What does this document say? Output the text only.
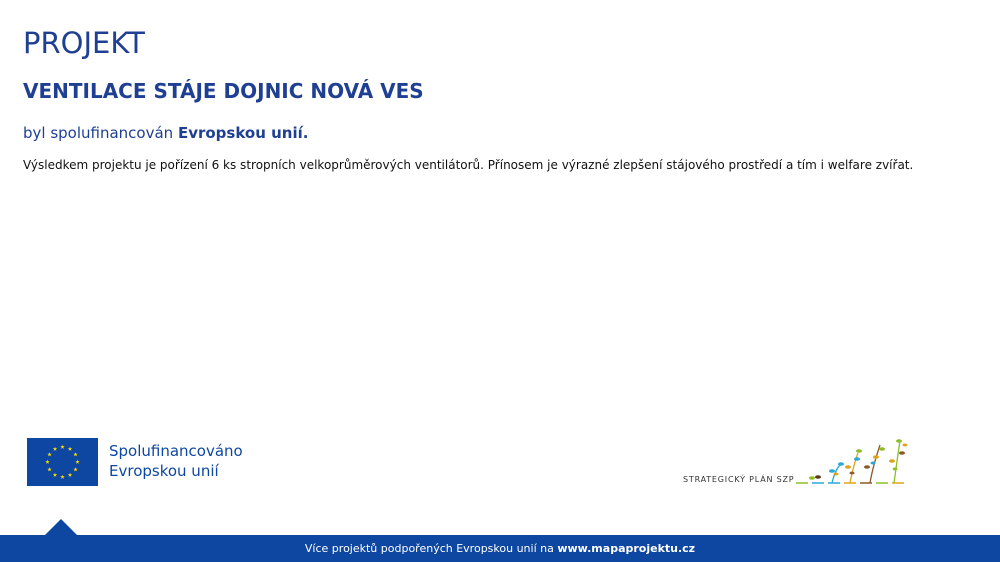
PROJEKT
VENTILACE STÁJE DOJNIC NOVÁ VES

byl spolufinancován Evropskou unií.

Výsledkem projektu je pořízení 6 ks stropních velkoprůměrových ventilátorů. Přínosem je výrazné zlepšení stájového prostředí a tím i welfare zvířat.

Spolufinancováno
Evropskou unií	STRATEGICKÝ PLÁN SZP
Více projektů podpořených Evropskou unií na www.mapaprojektu.cz
